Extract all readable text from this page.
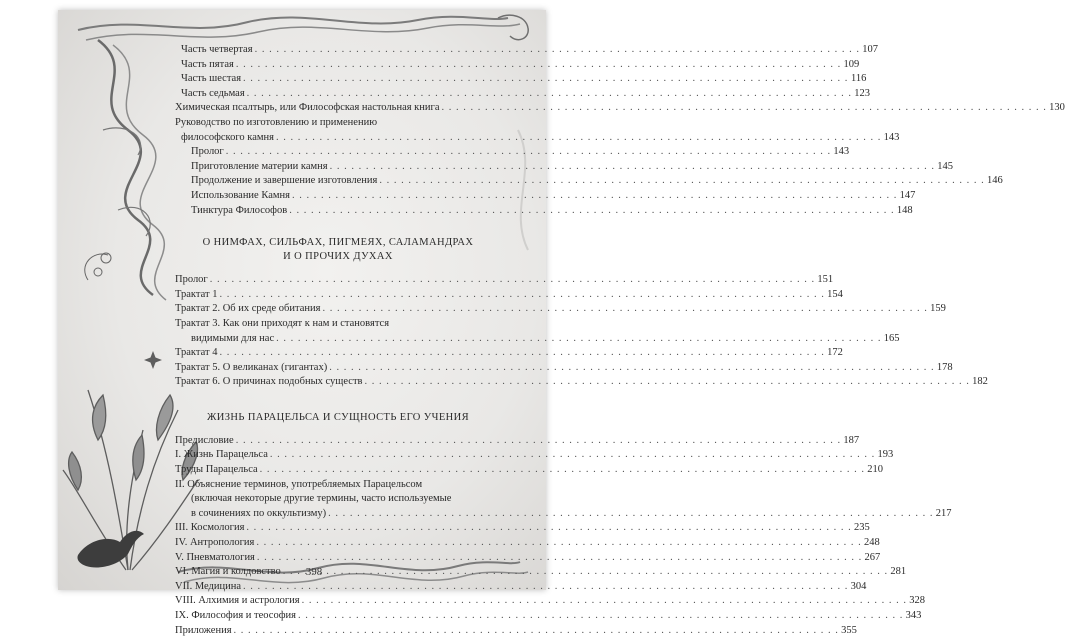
Часть четвертая . . .	107
Часть пятая . . .	109
Часть шестая . . .	116
Часть седьмая . . .	123
Химическая псалтырь, или Философская настольная книга . . .	130
Руководство по изготовлению и применению
философского камня . . .	143
Пролог . . .	143
Приготовление материи камня . . .	145
Продолжение и завершение изготовления . . .	146
Использование Камня . . .	147
Тинктура Философов . . .	148
О НИМФАХ, СИЛЬФАХ, ПИГМЕЯХ, САЛАМАНДРАХ
И О ПРОЧИХ ДУХАХ
Пролог . . .	151
Трактат 1 . . .	154
Трактат 2. Об их среде обитания . . .	159
Трактат 3. Как они приходят к нам и становятся
видимыми для нас . . .	165
Трактат 4 . . .	172
Трактат 5. О великанах (гигантах) . . .	178
Трактат 6. О причинах подобных существ . . .	182
ЖИЗНЬ ПАРАЦЕЛЬСА И СУЩНОСТЬ ЕГО УЧЕНИЯ
Предисловие . . .	187
I. Жизнь Парацельса . . .	193
Труды Парацельса . . .	210
II. Объяснение терминов, употребляемых Парацельсом
(включая некоторые другие термины, часто используемые
в сочинениях по оккультизму) . . .	217
III. Космология . . .	235
IV. Антропология . . .	248
V. Пневматология . . .	267
VI. Магия и колдовство . . .	281
VII. Медицина . . .	304
VIII. Алхимия и астрология . . .	328
IX. Философия и теософия . . .	343
Приложения . . .	355
398
